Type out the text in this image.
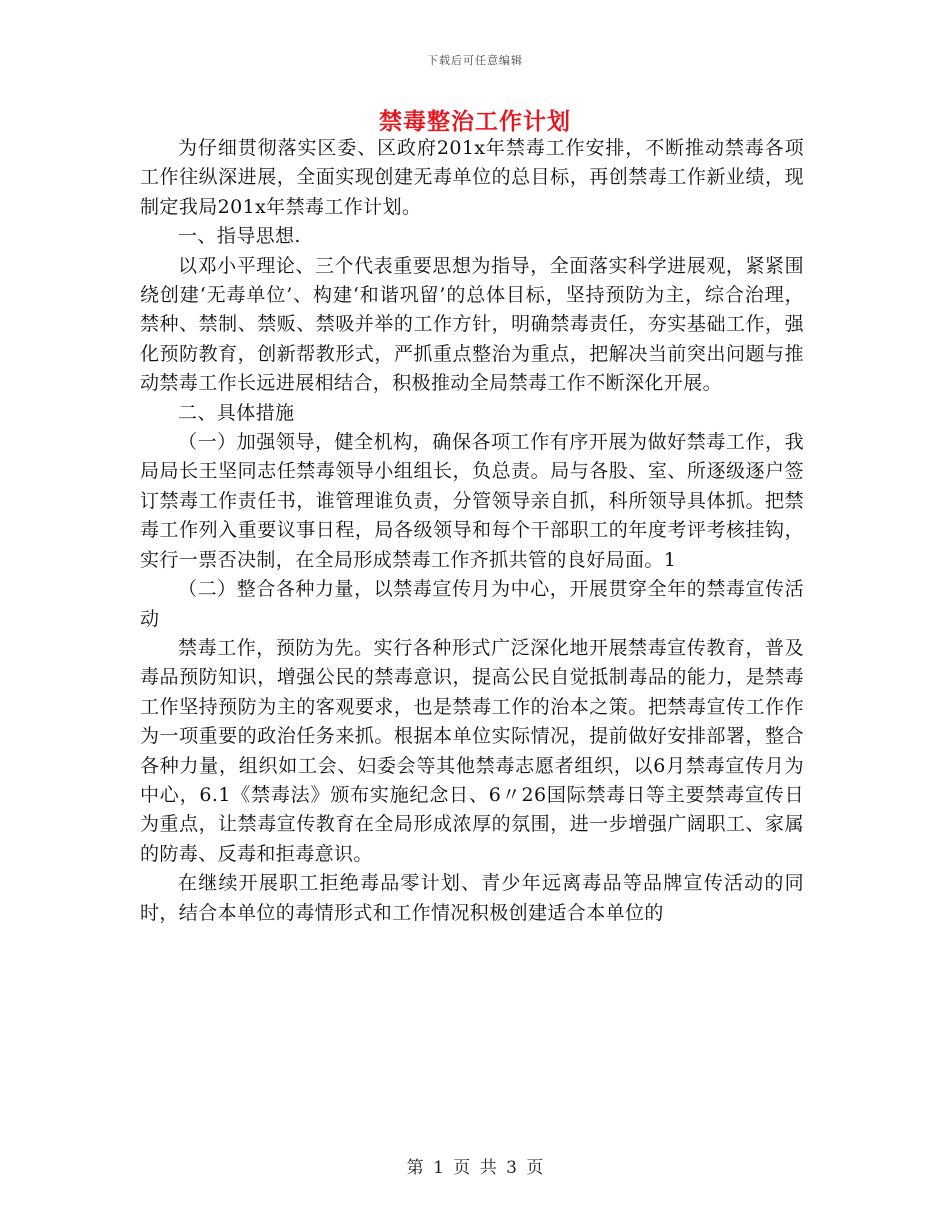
下载后可任意编辑
禁毒整治工作计划

为仔细贯彻落实区委、区政府201x年禁毒工作安排，不断推动禁毒各项工作往纵深进展，全面实现创建无毒单位的总目标，再创禁毒工作新业绩，现制定我局201x年禁毒工作计划。

一、指导思想.

以邓小平理论、三个代表重要思想为指导，全面落实科学进展观，紧紧围绕创建‘无毒单位’、构建‘和谐巩留’的总体目标，坚持预防为主，综合治理，禁种、禁制、禁贩、禁吸并举的工作方针，明确禁毒责任，夯实基础工作，强化预防教育，创新帮教形式，严抓重点整治为重点，把解决当前突出问题与推动禁毒工作长远进展相结合，积极推动全局禁毒工作不断深化开展。

二、具体措施

（一）加强领导，健全机构，确保各项工作有序开展为做好禁毒工作，我局局长王坚同志任禁毒领导小组组长，负总责。局与各股、室、所逐级逐户签订禁毒工作责任书，谁管理谁负责，分管领导亲自抓，科所领导具体抓。把禁毒工作列入重要议事日程，局各级领导和每个干部职工的年度考评考核挂钩，实行一票否决制，在全局形成禁毒工作齐抓共管的良好局面。1

（二）整合各种力量，以禁毒宣传月为中心，开展贯穿全年的禁毒宣传活动

禁毒工作，预防为先。实行各种形式广泛深化地开展禁毒宣传教育，普及毒品预防知识，增强公民的禁毒意识，提高公民自觉抵制毒品的能力，是禁毒工作坚持预防为主的客观要求，也是禁毒工作的治本之策。把禁毒宣传工作作为一项重要的政治任务来抓。根据本单位实际情况，提前做好安排部署，整合各种力量，组织如工会、妇委会等其他禁毒志愿者组织，以6月禁毒宣传月为中心，6.1《禁毒法》颁布实施纪念日、6〃26国际禁毒日等主要禁毒宣传日为重点，让禁毒宣传教育在全局形成浓厚的氛围，进一步增强广阔职工、家属的防毒、反毒和拒毒意识。

在继续开展职工拒绝毒品零计划、青少年远离毒品等品牌宣传活动的同时，结合本单位的毒情形式和工作情况积极创建适合本单位的

第 1 页 共 3 页
